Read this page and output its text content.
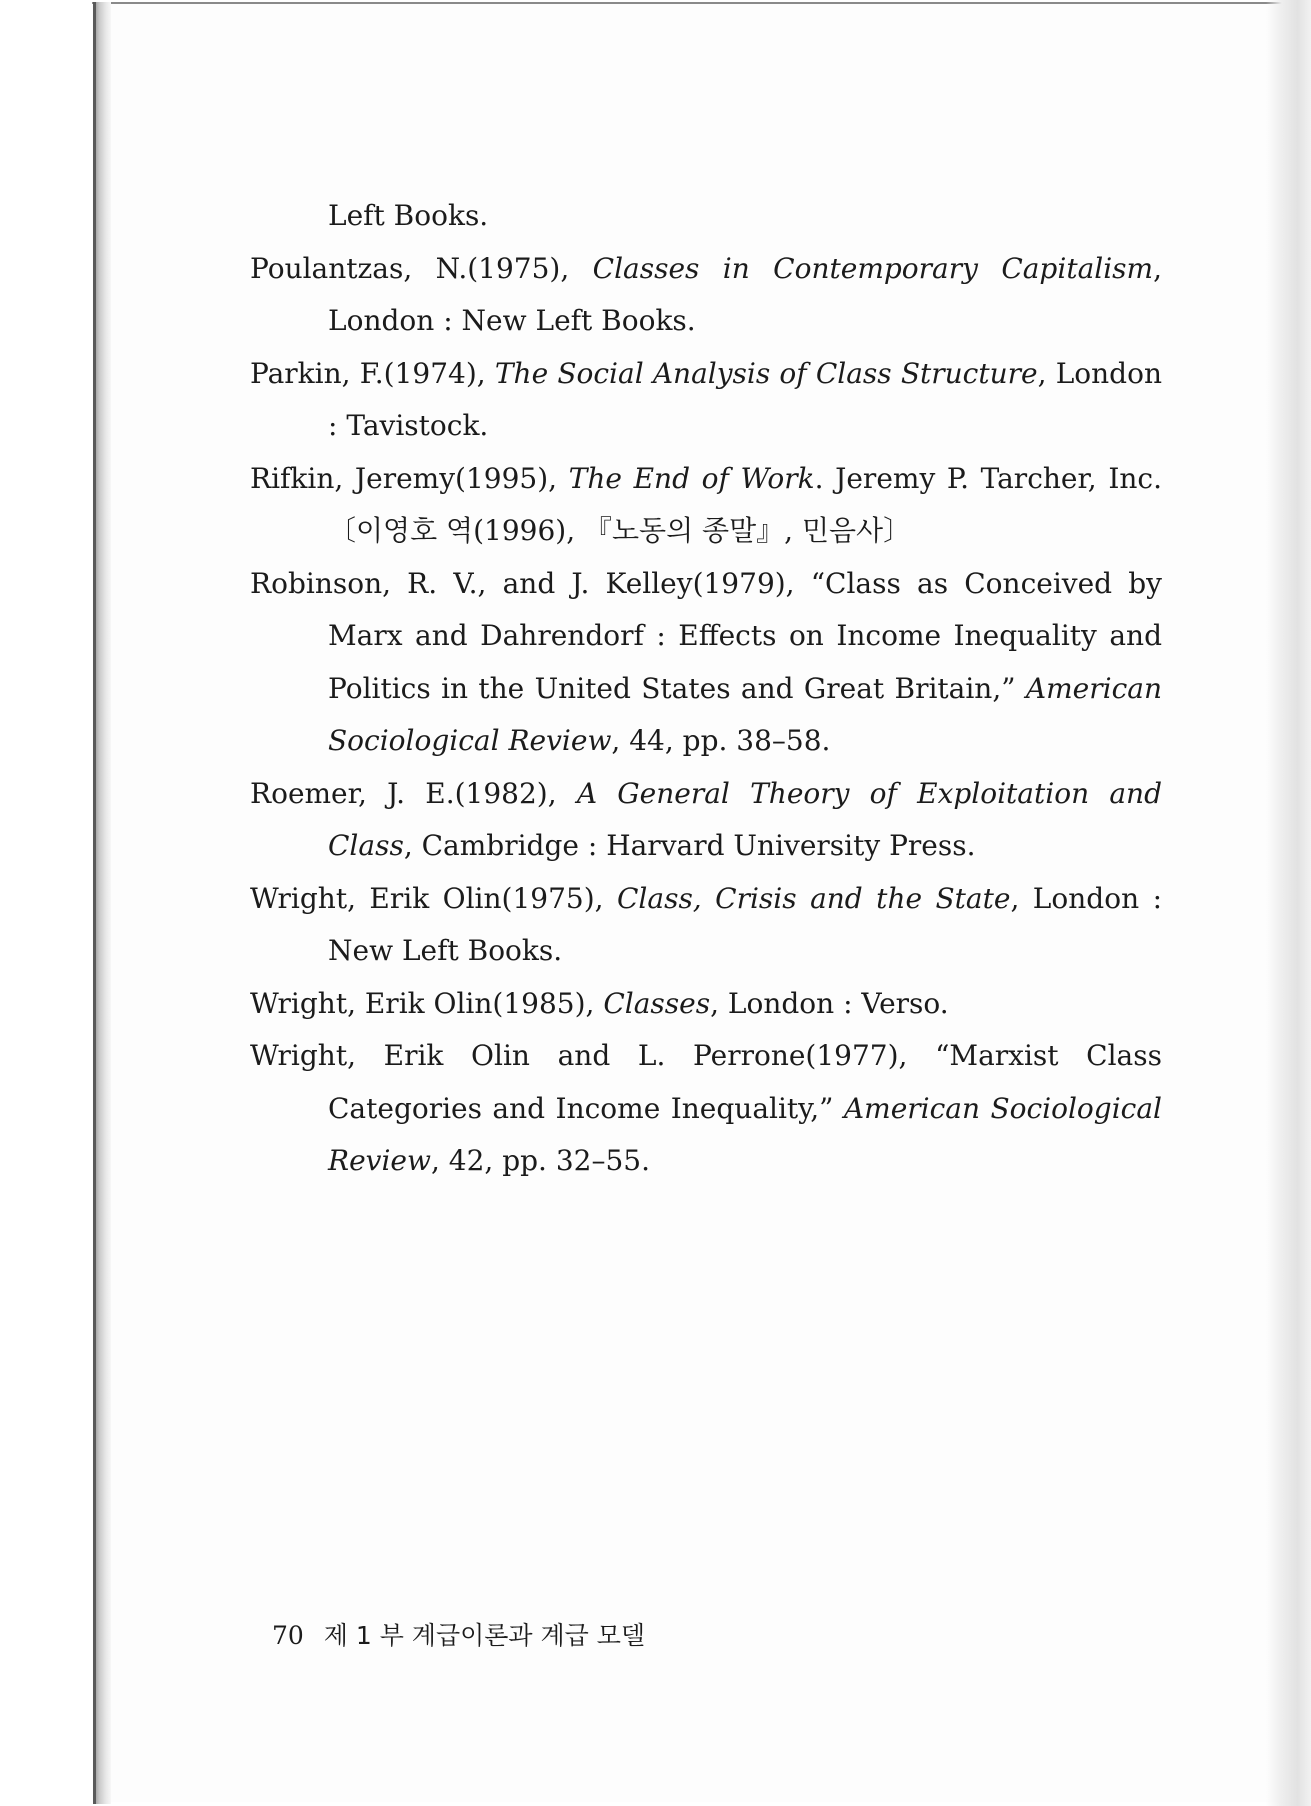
Left Books.

Poulantzas, N.(1975), Classes in Contemporary Capitalism, London : New Left Books.

Parkin, F.(1974), The Social Analysis of Class Structure, London : Tavistock.

Rifkin, Jeremy(1995), The End of Work. Jeremy P. Tarcher, Inc.〔이영호 역(1996), 『노동의 종말』, 민음사〕

Robinson, R. V., and J. Kelley(1979), “Class as Conceived by Marx and Dahrendorf : Effects on Income Inequality and Politics in the United States and Great Britain,” American Sociological Review, 44, pp. 38–58.

Roemer, J. E.(1982), A General Theory of Exploitation and Class, Cambridge : Harvard University Press.

Wright, Erik Olin(1975), Class, Crisis and the State, London : New Left Books.

Wright, Erik Olin(1985), Classes, London : Verso.

Wright, Erik Olin and L. Perrone(1977), “Marxist Class Categories and Income Inequality,” American Sociological Review, 42, pp. 32–55.

70 제 1 부 계급이론과 계급 모델
